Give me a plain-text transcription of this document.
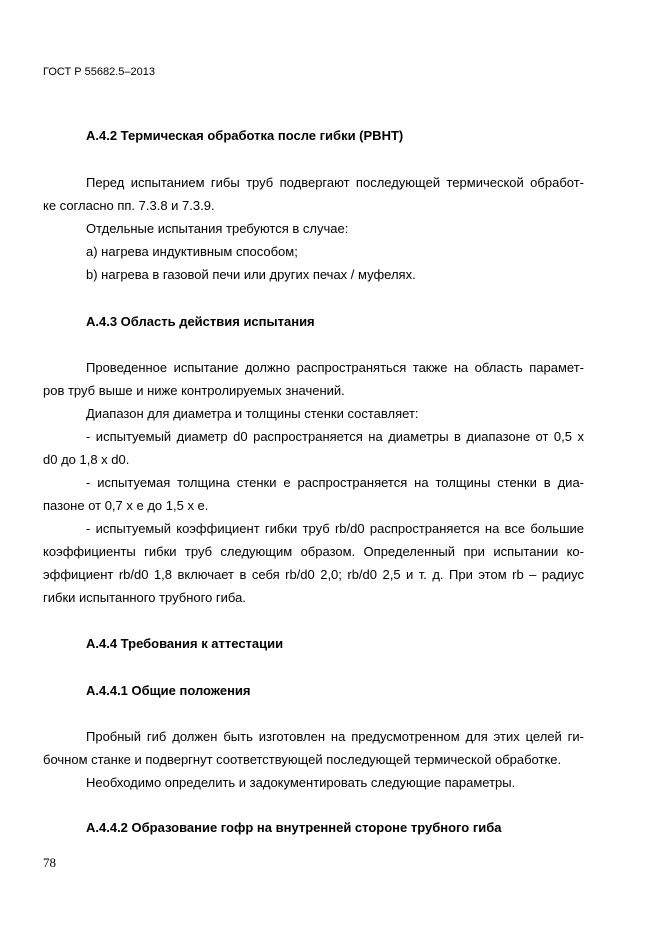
ГОСТ Р 55682.5–2013
А.4.2 Термическая обработка после гибки (PBHT)
Перед испытанием гибы труб подвергают последующей термической обработ-
ке согласно пп. 7.3.8 и 7.3.9.
Отдельные испытания требуются в случае:
а) нагрева индуктивным способом;
b) нагрева в газовой печи или других печах / муфелях.
А.4.3 Область действия испытания
Проведенное испытание должно распространяться также на область парамет-
ров труб выше и ниже контролируемых значений.
Диапазон для диаметра и толщины стенки составляет:
- испытуемый диаметр d0 распространяется на диаметры в диапазоне от 0,5 х
d0 до 1,8 х d0.
- испытуемая толщина стенки е распространяется на толщины стенки в диа-
пазоне от 0,7 х е до 1,5 х е.
- испытуемый коэффициент гибки труб rb/d0 распространяется на все большие
коэффициенты гибки труб следующим образом. Определенный при испытании ко-
эффициент rb/d0 1,8 включает в себя rb/d0 2,0; rb/d0 2,5 и т. д. При этом rb – радиус
гибки испытанного трубного гиба.
А.4.4 Требования к аттестации
А.4.4.1 Общие положения
Пробный гиб должен быть изготовлен на предусмотренном для этих целей ги-
бочном станке и подвергнут соответствующей последующей термической обработке.
Необходимо определить и задокументировать следующие параметры.
А.4.4.2 Образование гофр на внутренней стороне трубного гиба
78
